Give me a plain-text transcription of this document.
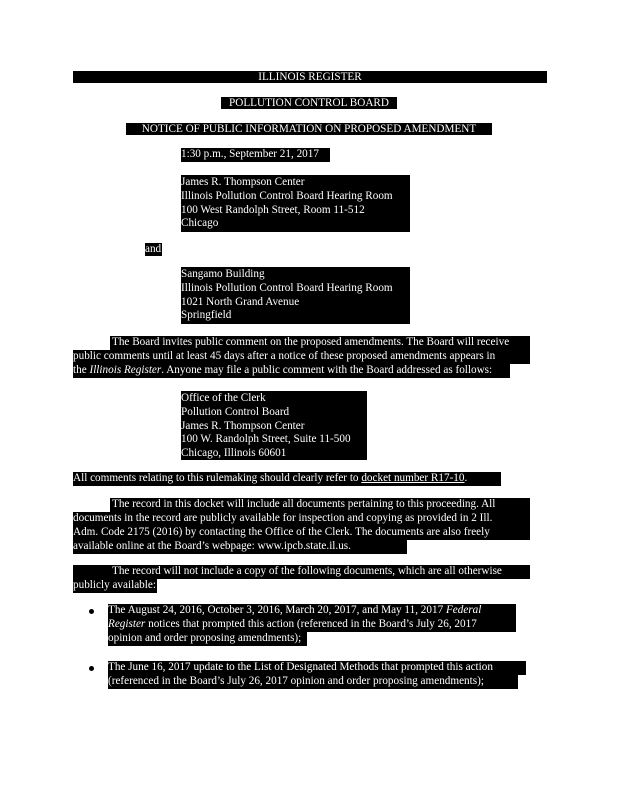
ILLINOIS REGISTER
POLLUTION CONTROL BOARD
NOTICE OF PUBLIC INFORMATION ON PROPOSED AMENDMENT
1:30 p.m., September 21, 2017
James R. Thompson Center
Illinois Pollution Control Board Hearing Room
100 West Randolph Street, Room 11-512
Chicago
and
Sangamo Building
Illinois Pollution Control Board Hearing Room
1021 North Grand Avenue
Springfield
The Board invites public comment on the proposed amendments. The Board will receive
public comments until at least 45 days after a notice of these proposed amendments appears in
the Illinois Register. Anyone may file a public comment with the Board addressed as follows:
Office of the Clerk
Pollution Control Board
James R. Thompson Center
100 W. Randolph Street, Suite 11-500
Chicago, Illinois 60601
All comments relating to this rulemaking should clearly refer to docket number R17-10.
The record in this docket will include all documents pertaining to this proceeding. All
documents in the record are publicly available for inspection and copying as provided in 2 Ill.
Adm. Code 2175 (2016) by contacting the Office of the Clerk. The documents are also freely
available online at the Board’s webpage: www.ipcb.state.il.us.
The record will not include a copy of the following documents, which are all otherwise
publicly available:
The August 24, 2016, October 3, 2016, March 20, 2017, and May 11, 2017 Federal
Register notices that prompted this action (referenced in the Board’s July 26, 2017
opinion and order proposing amendments);
The June 16, 2017 update to the List of Designated Methods that prompted this action
(referenced in the Board’s July 26, 2017 opinion and order proposing amendments);
